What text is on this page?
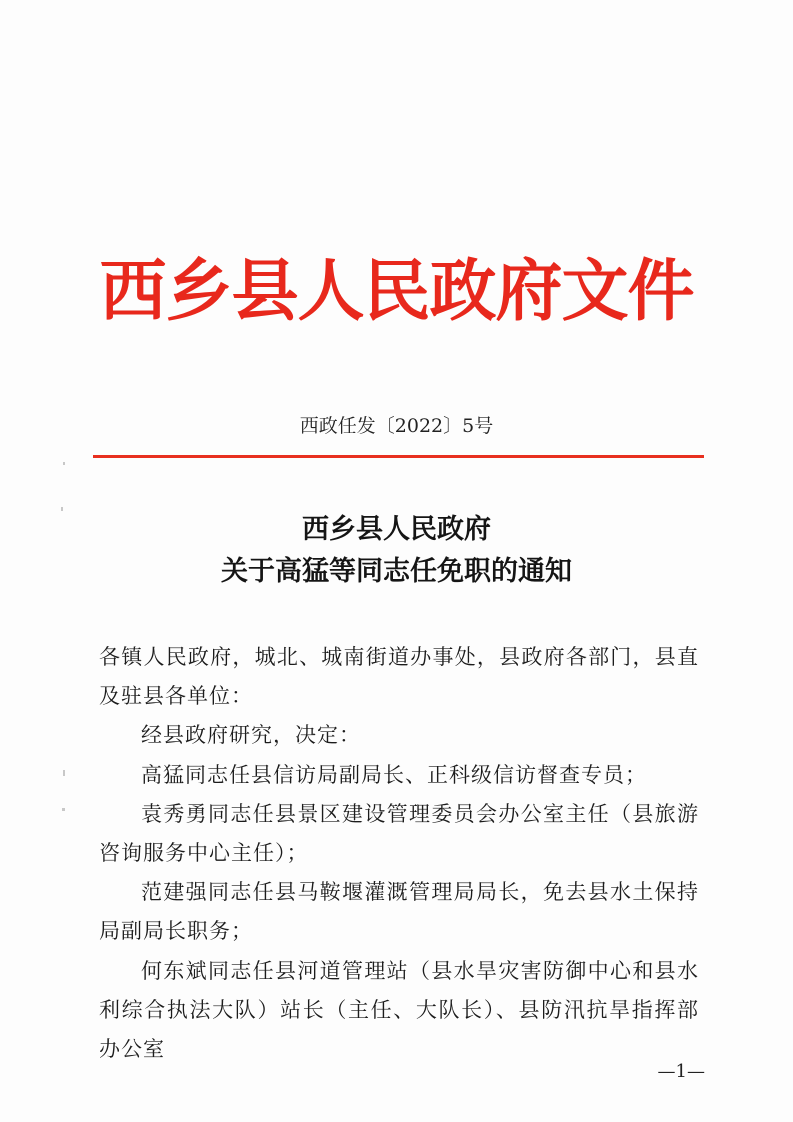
西乡县人民政府文件
西政任发〔2022〕5号
西乡县人民政府
关于高猛等同志任免职的通知

各镇人民政府，城北、城南街道办事处，县政府各部门，县直及驻县各单位：

经县政府研究，决定：

高猛同志任县信访局副局长、正科级信访督查专员；

袁秀勇同志任县景区建设管理委员会办公室主任（县旅游咨询服务中心主任）；

范建强同志任县马鞍堰灌溉管理局局长，免去县水土保持局副局长职务；

何东斌同志任县河道管理站（县水旱灾害防御中心和县水利综合执法大队）站长（主任、大队长）、县防汛抗旱指挥部办公室

—1—
